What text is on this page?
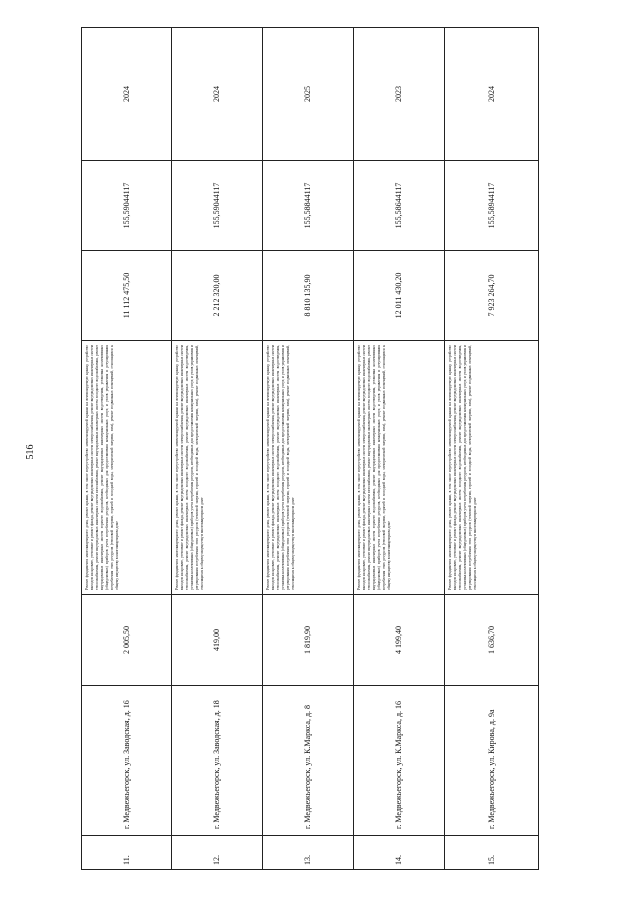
516
11.	г. Медвежьегорск, ул. Заводская, д. 16	2 005,50	Ремонт фундамента многоквартирного дома, ремонт крыши, в том числе переустройство невентилируемой крыши на вентилируемую крышу, устройство выходов на кровлю, утепление и ремонт фасада, ремонт внутридомовых инженерных систем электроснабжения, ремонт внутридомовых инженерных систем теплоснабжения, ремонт внутридомовых инженерных систем газоснабжения, ремонт внутридомовых инженерных систем холодного водоснабжения, ремонт внутридомовых инженерных систем горячего водоснабжения, ремонт внутридомовых инженерных систем водоотведения, установка коллективных (общедомовых) приборов учета потребления ресурсов, необходимых для предоставления коммунальных услуг, и узлов управления и регулирования потребления этих ресурсов (тепловой энергии, горячей и холодной воды, электрической энергии, газа), ремонт подвальных помещений, относящихся к общему имуществу в многоквартирном доме	11 112 475,50	155,59044117	2024
12.	г. Медвежьегорск, ул. Заводская, д. 18	419,00	Ремонт фундамента многоквартирного дома, ремонт крыши, в том числе переустройство невентилируемой крыши на вентилируемую крышу, устройство выходов на кровлю, утепление и ремонт фасада, ремонт внутридомовых инженерных систем электроснабжения, ремонт внутридомовых инженерных систем теплоснабжения, ремонт внутридомовых инженерных систем холодного водоснабжения, ремонт внутридомовых инженерных систем водоотведения, установка коллективных (общедомовых) приборов учета потребления ресурсов, необходимых для предоставления коммунальных услуг, и узлов управления и регулирования потребления этих ресурсов (тепловой энергии, горячей и холодной воды, электрической энергии, газа), ремонт подвальных помещений, относящихся к общему имуществу в многоквартирном доме	2 212 320,00	155,59044117	2024
13.	г. Медвежьегорск, ул. К.Маркса, д. 8	1 819,90	Ремонт фундамента многоквартирного дома, ремонт крыши, в том числе переустройство невентилируемой крыши на вентилируемую крышу, устройство выходов на кровлю, утепление и ремонт фасада, ремонт внутридомовых инженерных систем электроснабжения, ремонт внутридомовых инженерных систем теплоснабжения, ремонт внутридомовых инженерных систем холодного водоснабжения, ремонт внутридомовых инженерных систем водоотведения, установка коллективных (общедомовых) приборов учета потребления ресурсов, необходимых для предоставления коммунальных услуг, и узлов управления и регулирования потребления этих ресурсов (тепловой энергии, горячей и холодной воды, электрической энергии, газа), ремонт подвальных помещений, относящихся к общему имуществу в многоквартирном доме	8 810 135,90	155,58844117	2025
14.	г. Медвежьегорск, ул. К.Маркса, д. 16	4 199,40	Ремонт фундамента многоквартирного дома, ремонт крыши, в том числе переустройство невентилируемой крыши на вентилируемую крышу, устройство выходов на кровлю, утепление и ремонт фасада, ремонт внутридомовых инженерных систем электроснабжения, ремонт внутридомовых инженерных систем теплоснабжения, ремонт внутридомовых инженерных систем газоснабжения, ремонт внутридомовых инженерных систем холодного водоснабжения, ремонт внутридомовых инженерных систем горячего водоснабжения, ремонт внутридомовых инженерных систем водоотведения, установка коллективных (общедомовых) приборов учета потребления ресурсов, необходимых для предоставления коммунальных услуг, и узлов управления и регулирования потребления этих ресурсов (тепловой энергии, горячей и холодной воды, электрической энергии, газа), ремонт подвальных помещений, относящихся к общему имуществу в многоквартирном доме	12 011 430,20	155,58644117	2023
15.	г. Медвежьегорск, ул. Кирова, д. 9а	1 636,70	Ремонт фундамента многоквартирного дома, ремонт крыши, в том числе переустройство невентилируемой крыши на вентилируемую крышу, устройство выходов на кровлю, утепление и ремонт фасада, ремонт внутридомовых инженерных систем электроснабжения, ремонт внутридомовых инженерных систем теплоснабжения, ремонт внутридомовых инженерных систем холодного водоснабжения, ремонт внутридомовых инженерных систем водоотведения, установка коллективных (общедомовых) приборов учета потребления ресурсов, необходимых для предоставления коммунальных услуг, и узлов управления и регулирования потребления этих ресурсов (тепловой энергии, горячей и холодной воды, электрической энергии, газа), ремонт подвальных помещений, относящихся к общему имуществу в многоквартирном доме	7 923 264,70	155,58944117	2024
